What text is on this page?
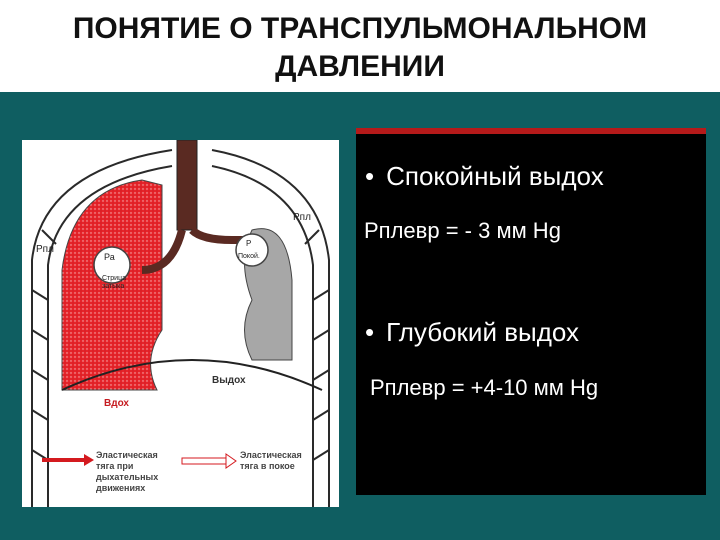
ПОНЯТИЕ О ТРАНСПУЛЬМОНАЛЬНОМ
ДАВЛЕНИИ
Рпл
Рпл
Ра
Стрица
затыка
Р
Покой.
Выдох
Вдох
Эластическая
тяга при
дыхательных
движениях
Эластическая
тяга в покое
• Спокойный выдох
Рплевр = - 3 мм Hg
• Глубокий выдох
Рплевр = +4-10 мм Hg
